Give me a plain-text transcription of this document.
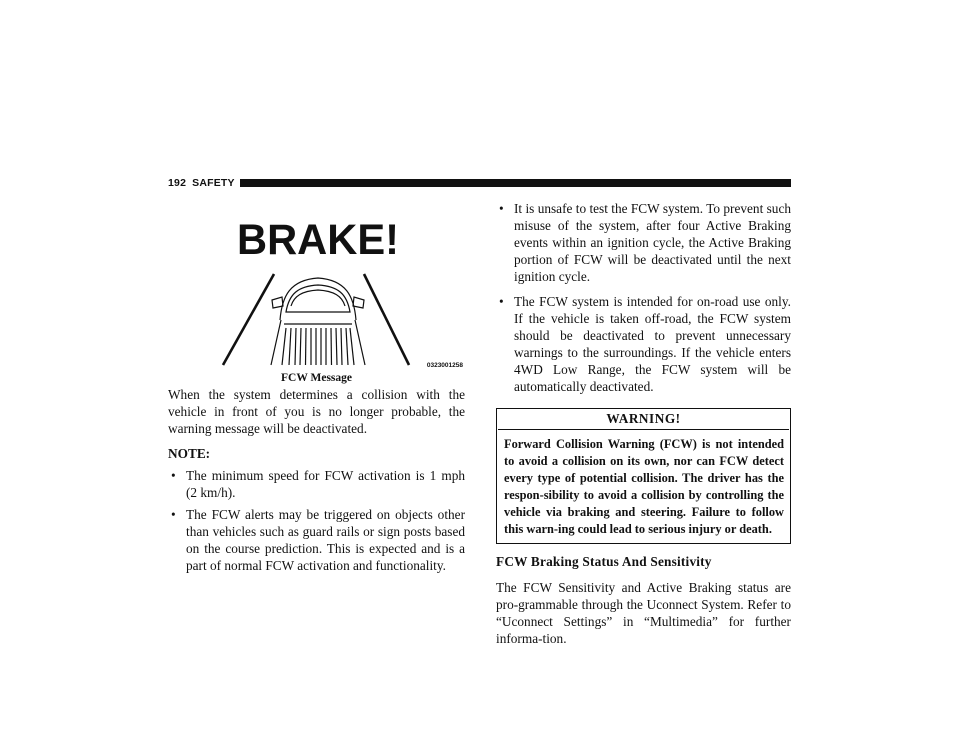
192 SAFETY
BRAKE!
0323001258
FCW Message

When the system determines a collision with the vehicle in front of you is no longer probable, the warning message will be deactivated.

NOTE:

• The minimum speed for FCW activation is 1 mph (2 km/h).
• The FCW alerts may be triggered on objects other than vehicles such as guard rails or sign posts based on the course prediction. This is expected and is a part of normal FCW activation and functionality.
• It is unsafe to test the FCW system. To prevent such misuse of the system, after four Active Braking events within an ignition cycle, the Active Braking portion of FCW will be deactivated until the next ignition cycle.
• The FCW system is intended for on-road use only. If the vehicle is taken off-road, the FCW system should be deactivated to prevent unnecessary warnings to the surroundings. If the vehicle enters 4WD Low Range, the FCW system will be automatically deactivated.
WARNING!
Forward Collision Warning (FCW) is not intended to avoid a collision on its own, nor can FCW detect every type of potential collision. The driver has the respon-sibility to avoid a collision by controlling the vehicle via braking and steering. Failure to follow this warn-ing could lead to serious injury or death.

FCW Braking Status And Sensitivity

The FCW Sensitivity and Active Braking status are pro-grammable through the Uconnect System. Refer to “Uconnect Settings” in “Multimedia” for further informa-tion.
